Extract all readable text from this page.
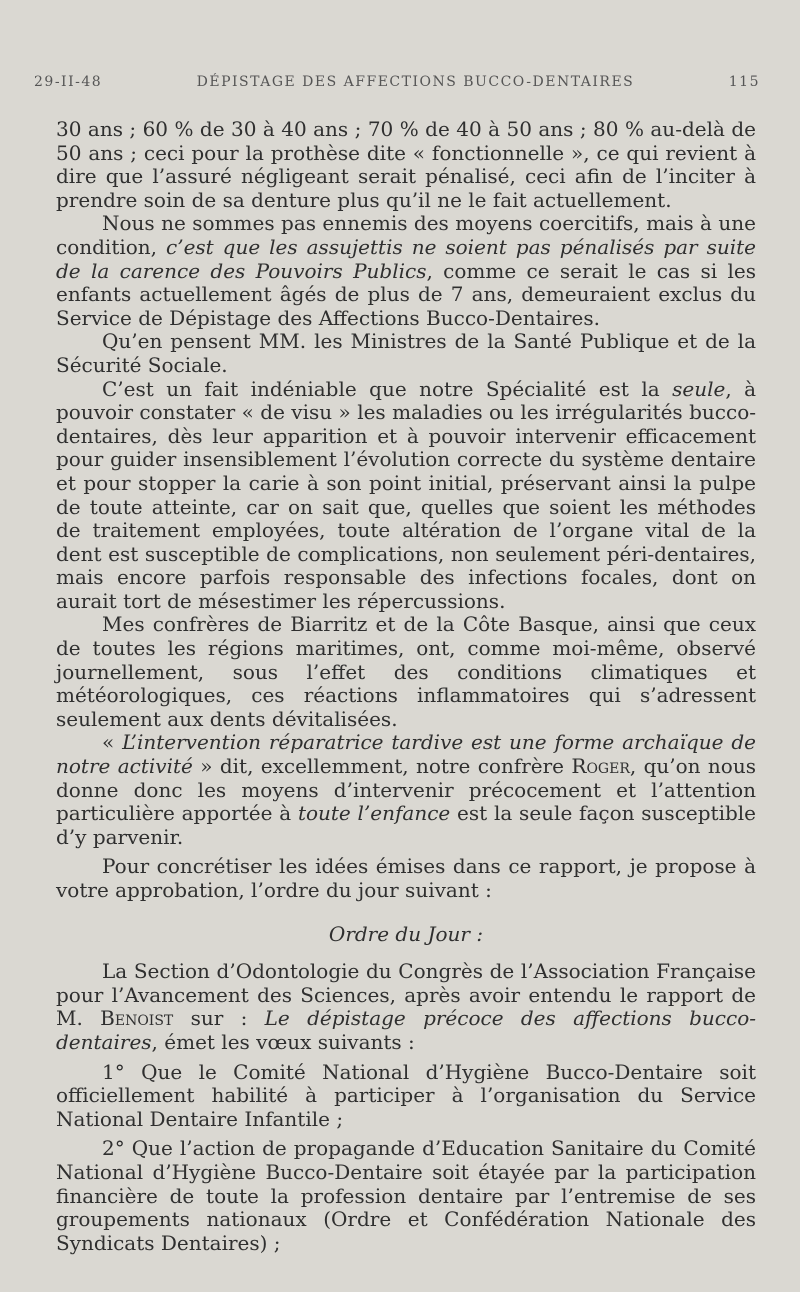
29-II-48	DÉPISTAGE DES AFFECTIONS BUCCO-DENTAIRES	115

30 ans ; 60 % de 30 à 40 ans ; 70 % de 40 à 50 ans ; 80 % au-delà de 50 ans ; ceci pour la prothèse dite « fonctionnelle », ce qui revient à dire que l’assuré négligeant serait pénalisé, ceci afin de l’inciter à prendre soin de sa denture plus qu’il ne le fait actuellement.

Nous ne sommes pas ennemis des moyens coercitifs, mais à une condition, c’est que les assujettis ne soient pas pénalisés par suite de la carence des Pouvoirs Publics, comme ce serait le cas si les enfants actuellement âgés de plus de 7 ans, demeuraient exclus du Service de Dépistage des Affections Bucco-Dentaires.

Qu’en pensent MM. les Ministres de la Santé Publique et de la Sécurité Sociale.

C’est un fait indéniable que notre Spécialité est la seule, à pouvoir constater « de visu » les maladies ou les irrégularités bucco-dentaires, dès leur apparition et à pouvoir intervenir efficacement pour guider insensiblement l’évolution correcte du système dentaire et pour stopper la carie à son point initial, préservant ainsi la pulpe de toute atteinte, car on sait que, quelles que soient les méthodes de traitement employées, toute altération de l’organe vital de la dent est susceptible de complications, non seulement péri-dentaires, mais encore parfois responsable des infections focales, dont on aurait tort de mésestimer les répercussions.

Mes confrères de Biarritz et de la Côte Basque, ainsi que ceux de toutes les régions maritimes, ont, comme moi-même, observé journellement, sous l’effet des conditions climatiques et météorologiques, ces réactions inflammatoires qui s’adressent seulement aux dents dévitalisées.

« L’intervention réparatrice tardive est une forme archaïque de notre activité » dit, excellemment, notre confrère Roger, qu’on nous donne donc les moyens d’intervenir précocement et l’attention particulière apportée à toute l’enfance est la seule façon susceptible d’y parvenir.

Pour concrétiser les idées émises dans ce rapport, je propose à votre approbation, l’ordre du jour suivant :

Ordre du Jour :

La Section d’Odontologie du Congrès de l’Association Française pour l’Avancement des Sciences, après avoir entendu le rapport de M. Benoist sur : Le dépistage précoce des affections bucco-dentaires, émet les vœux suivants :

1° Que le Comité National d’Hygiène Bucco-Dentaire soit officiellement habilité à participer à l’organisation du Service National Dentaire Infantile ;

2° Que l’action de propagande d’Education Sanitaire du Comité National d’Hygiène Bucco-Dentaire soit étayée par la participation financière de toute la profession dentaire par l’entremise de ses groupements nationaux (Ordre et Confédération Nationale des Syndicats Dentaires) ;
